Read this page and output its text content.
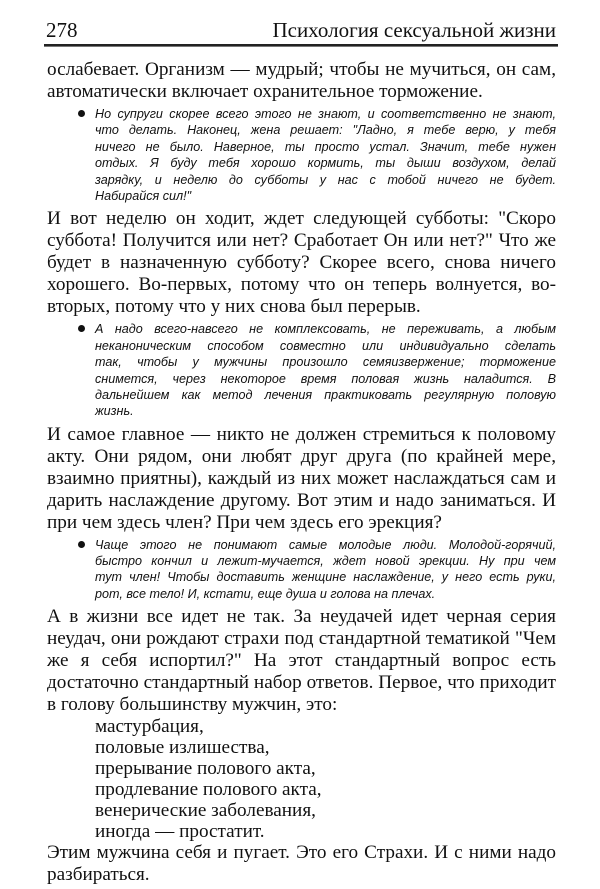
278	Психология сексуальной жизни
ослабевает. Организм — мудрый; чтобы не мучиться, он сам,
автоматически включает охранительное торможение.
Но супруги скорее всего этого не знают, и соответственно не знают,
что делать. Наконец, жена решает: "Ладно, я тебе верю, у тебя
ничего не было. Наверное, ты просто устал. Значит, тебе нужен
отдых. Я буду тебя хорошо кормить, ты дыши воздухом, делай
зарядку, и неделю до субботы у нас с тобой ничего не будет.
Набирайся сил!"
И вот неделю он ходит, ждет следующей субботы: "Скоро
суббота! Получится или нет? Сработает Он или нет?" Что же
будет в назначенную субботу? Скорее всего, снова ничего
хорошего. Во-первых, потому что он теперь волнуется, во-
вторых, потому что у них снова был перерыв.
А надо всего-навсего не комплексовать, не переживать, а любым
неканоническим способом совместно или индивидуально сделать
так, чтобы у мужчины произошло семяизвержение; торможение
снимется, через некоторое время половая жизнь наладится. В
дальнейшем как метод лечения практиковать регулярную половую
жизнь.
И самое главное — никто не должен стремиться к половому
акту. Они рядом, они любят друг друга (по крайней мере,
взаимно приятны), каждый из них может наслаждаться сам и
дарить наслаждение другому. Вот этим и надо заниматься. И
при чем здесь член? При чем здесь его эрекция?
Чаще этого не понимают самые молодые люди. Молодой-горячий,
быстро кончил и лежит-мучается, ждет новой эрекции. Ну при чем
тут член! Чтобы доставить женщине наслаждение, у него есть руки,
рот, все тело! И, кстати, еще душа и голова на плечах.
А в жизни все идет не так. За неудачей идет черная серия
неудач, они рождают страхи под стандартной тематикой "Чем
же я себя испортил?" На этот стандартный вопрос есть
достаточно стандартный набор ответов. Первое, что приходит
в голову большинству мужчин, это:
мастурбация,
половые излишества,
прерывание полового акта,
продлевание полового акта,
венерические заболевания,
иногда — простатит.
Этим мужчина себя и пугает. Это его Страхи. И с ними надо
разбираться.
